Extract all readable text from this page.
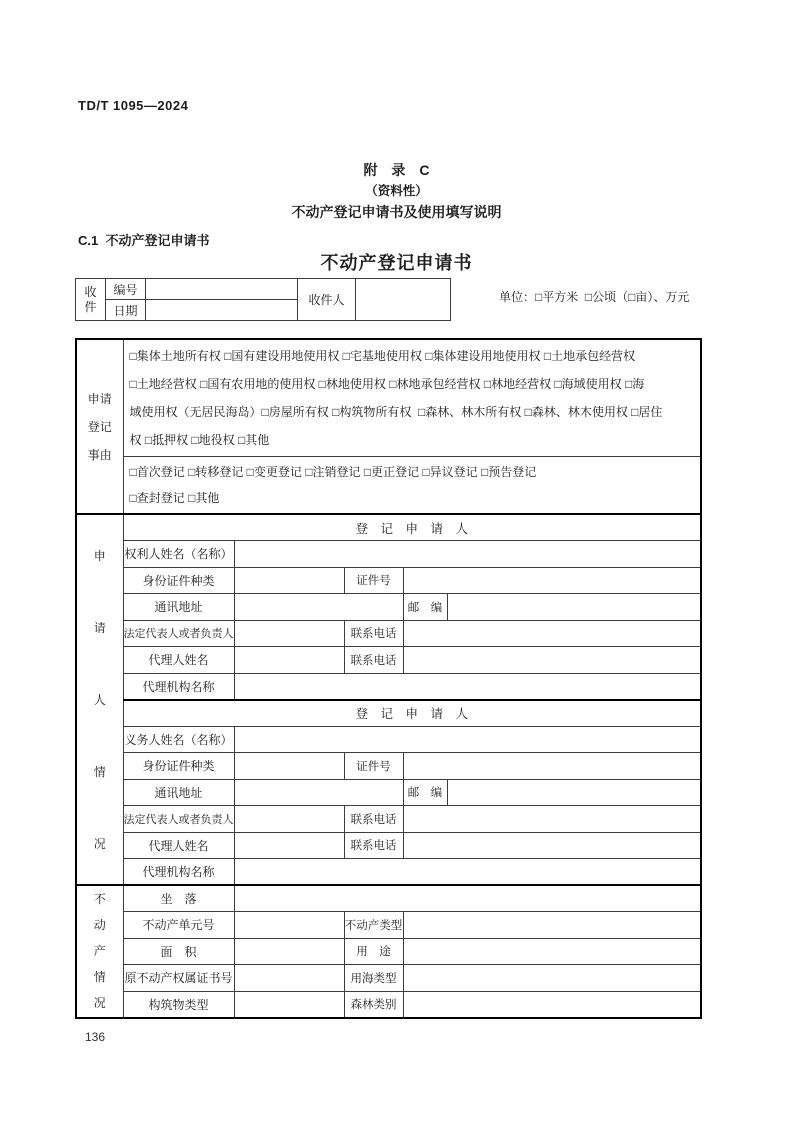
TD/T 1095—2024
附　录　C
（资料性）
不动产登记申请书及使用填写说明
C.1  不动产登记申请书
不动产登记申请书
收件	编号		收件人	
	日期			
单位：□平方米  □公顷（□亩）、万元
申请登记事由	□集体土地所有权 □国有建设用地使用权 □宅基地使用权 □集体建设用地使用权 □土地承包经营权
□土地经营权 □国有农用地的使用权 □林地使用权 □林地承包经营权 □林地经营权 □海域使用权 □海
域使用权（无居民海岛）□房屋所有权 □构筑物所有权  □森林、林木所有权 □森林、林木使用权 □居住
权 □抵押权 □地役权 □其他				

	□首次登记 □转移登记 □变更登记 □注销登记 □更正登记 □异议登记 □预告登记
□查封登记 □其他				

申请人情况	登　记　申　请　人				
	权利人姓名（名称）				
	身份证件种类		证件号		
	通讯地址			邮　编	
	法定代表人或者负责人		联系电话		
	代理人姓名		联系电话		
	代理机构名称				
	登　记　申　请　人				
	义务人姓名（名称）				
	身份证件种类		证件号		
	通讯地址			邮　编	
	法定代表人或者负责人		联系电话		
	代理人姓名		联系电话		
	代理机构名称				

不动产情况	坐　落				
	不动产单元号		不动产类型		
	面　积		用　途		
	原不动产权属证书号		用海类型		
	构筑物类型		森林类别		
136
